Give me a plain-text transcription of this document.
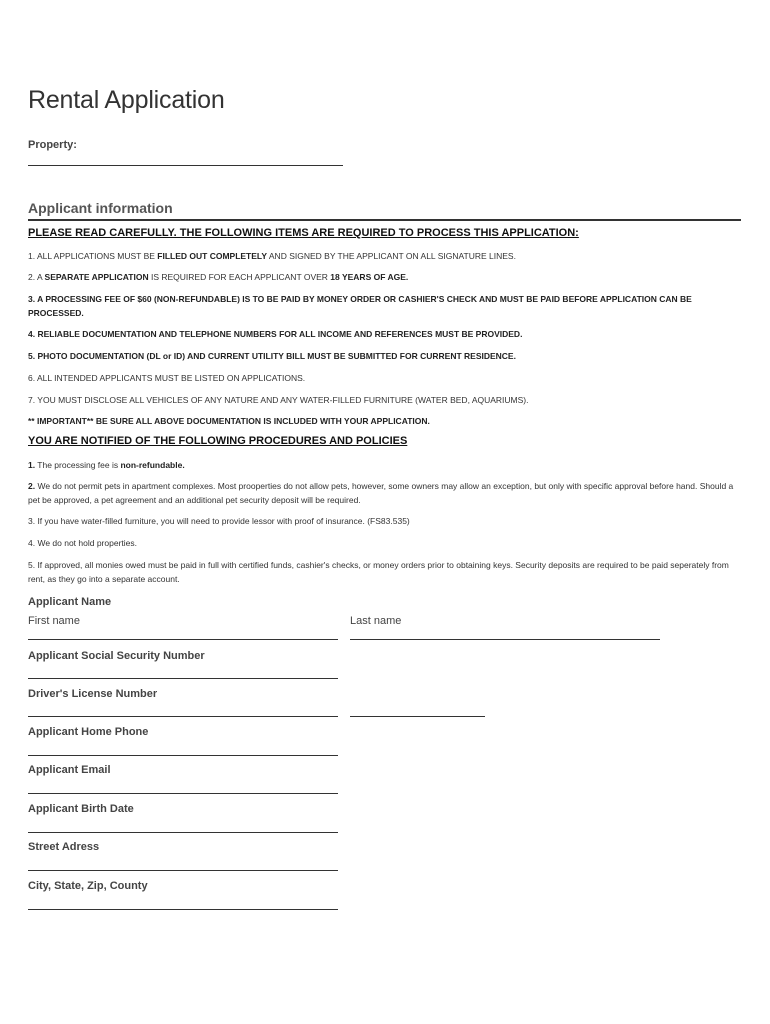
Rental Application
Property:
Applicant information
PLEASE READ CAREFULLY. THE FOLLOWING ITEMS ARE REQUIRED TO PROCESS THIS APPLICATION:
1. ALL APPLICATIONS MUST BE FILLED OUT COMPLETELY AND SIGNED BY THE APPLICANT ON ALL SIGNATURE LINES.
2. A SEPARATE APPLICATION IS REQUIRED FOR EACH APPLICANT OVER 18 YEARS OF AGE.
3. A PROCESSING FEE OF $60 (NON-REFUNDABLE) IS TO BE PAID BY MONEY ORDER OR CASHIER'S CHECK AND MUST BE PAID BEFORE APPLICATION CAN BE PROCESSED.
4. RELIABLE DOCUMENTATION AND TELEPHONE NUMBERS FOR ALL INCOME AND REFERENCES MUST BE PROVIDED.
5. PHOTO DOCUMENTATION (DL or ID) AND CURRENT UTILITY BILL MUST BE SUBMITTED FOR CURRENT RESIDENCE.
6. ALL INTENDED APPLICANTS MUST BE LISTED ON APPLICATIONS.
7. YOU MUST DISCLOSE ALL VEHICLES OF ANY NATURE AND ANY WATER-FILLED FURNITURE (WATER BED, AQUARIUMS).
** IMPORTANT** BE SURE ALL ABOVE DOCUMENTATION IS INCLUDED WITH YOUR APPLICATION.
YOU ARE NOTIFIED OF THE FOLLOWING PROCEDURES AND POLICIES
1. The processing fee is non-refundable.
2. We do not permit pets in apartment complexes. Most prooperties do not allow pets, however, some owners may allow an exception, but only with specific approval before hand. Should a pet be approved, a pet agreement and an additional pet security deposit will be required.
3. If you have water-filled furniture, you will need to provide lessor with proof of insurance. (FS83.535)
4. We do not hold properties.
5. If approved, all monies owed must be paid in full with certified funds, cashier's checks, or money orders prior to obtaining keys. Security deposits are required to be paid seperately from rent, as they go into a separate account.
Applicant Name
First name	Last name
Applicant Social Security Number
Driver's License Number
Applicant Home Phone
Applicant Email
Applicant Birth Date
Street Adress
City, State, Zip, County
